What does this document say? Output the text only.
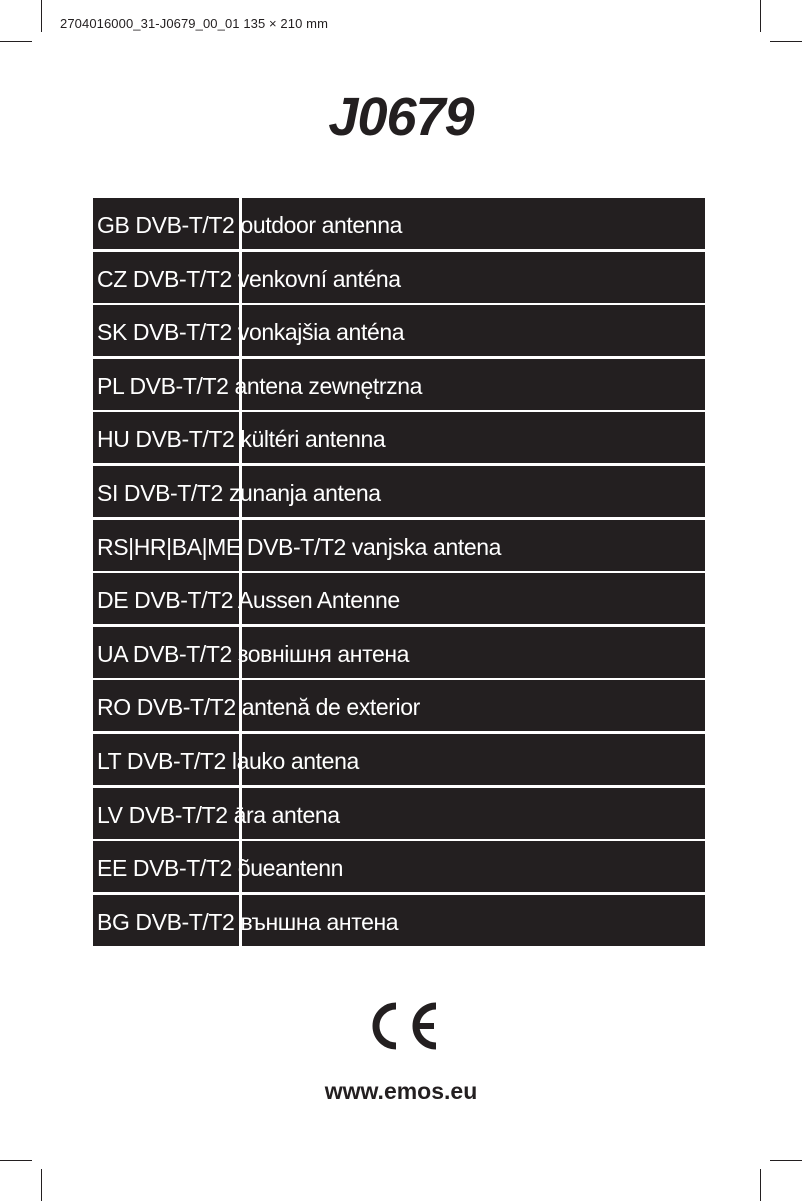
2704016000_31-J0679_00_01 135 × 210 mm
J0679
GB DVB-T/T2 outdoor antenna
CZ DVB-T/T2 venkovní anténa
SK DVB-T/T2 vonkajšia anténa
PL DVB-T/T2 antena zewnętrzna
HU DVB-T/T2 kültéri antenna
SI DVB-T/T2 zunanja antena
RS|HR|BA|ME DVB-T/T2 vanjska antena
DE DVB-T/T2 Aussen Antenne
UA DVB-T/T2 зовнішня антена
RO DVB-T/T2 antenă de exterior
LT DVB-T/T2 lauko antena
LV DVB-T/T2 āra antena
EE DVB-T/T2 õueantenn
BG DVB-T/T2 външна антена
www.emos.eu
